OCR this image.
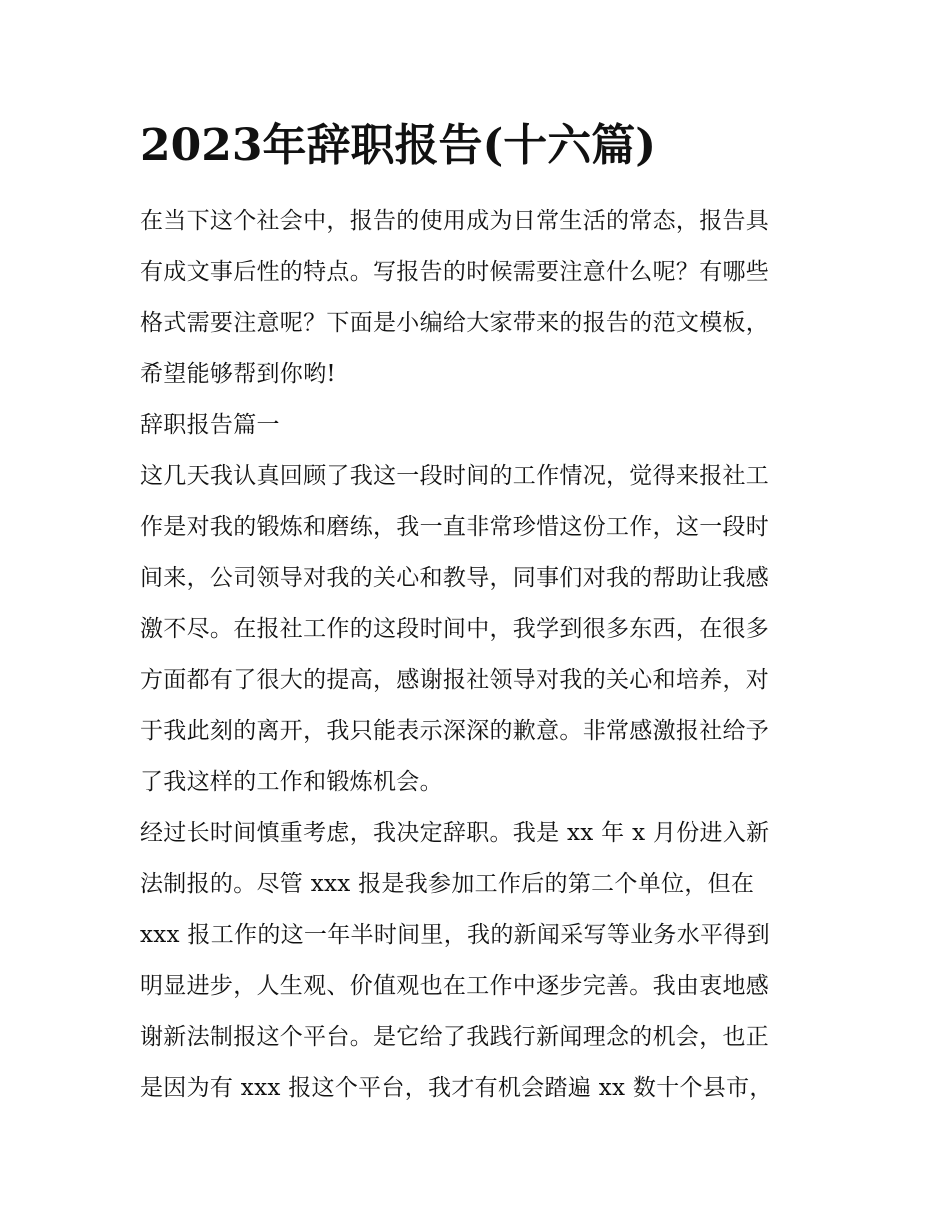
2023年辞职报告(十六篇)

在当下这个社会中，报告的使用成为日常生活的常态，报告具
有成文事后性的特点。写报告的时候需要注意什么呢？有哪些
格式需要注意呢？下面是小编给大家带来的报告的范文模板，
希望能够帮到你哟!

辞职报告篇一

这几天我认真回顾了我这一段时间的工作情况，觉得来报社工
作是对我的锻炼和磨练，我一直非常珍惜这份工作，这一段时
间来，公司领导对我的关心和教导，同事们对我的帮助让我感
激不尽。在报社工作的这段时间中，我学到很多东西，在很多
方面都有了很大的提高，感谢报社领导对我的关心和培养，对
于我此刻的离开，我只能表示深深的歉意。非常感激报社给予
了我这样的工作和锻炼机会。

经过长时间慎重考虑，我决定辞职。我是 xx 年 x 月份进入新
法制报的。尽管 xxx 报是我参加工作后的第二个单位，但在
xxx 报工作的这一年半时间里，我的新闻采写等业务水平得到
明显进步，人生观、价值观也在工作中逐步完善。我由衷地感
谢新法制报这个平台。是它给了我践行新闻理念的机会，也正
是因为有 xxx 报这个平台，我才有机会踏遍 xx 数十个县市，
